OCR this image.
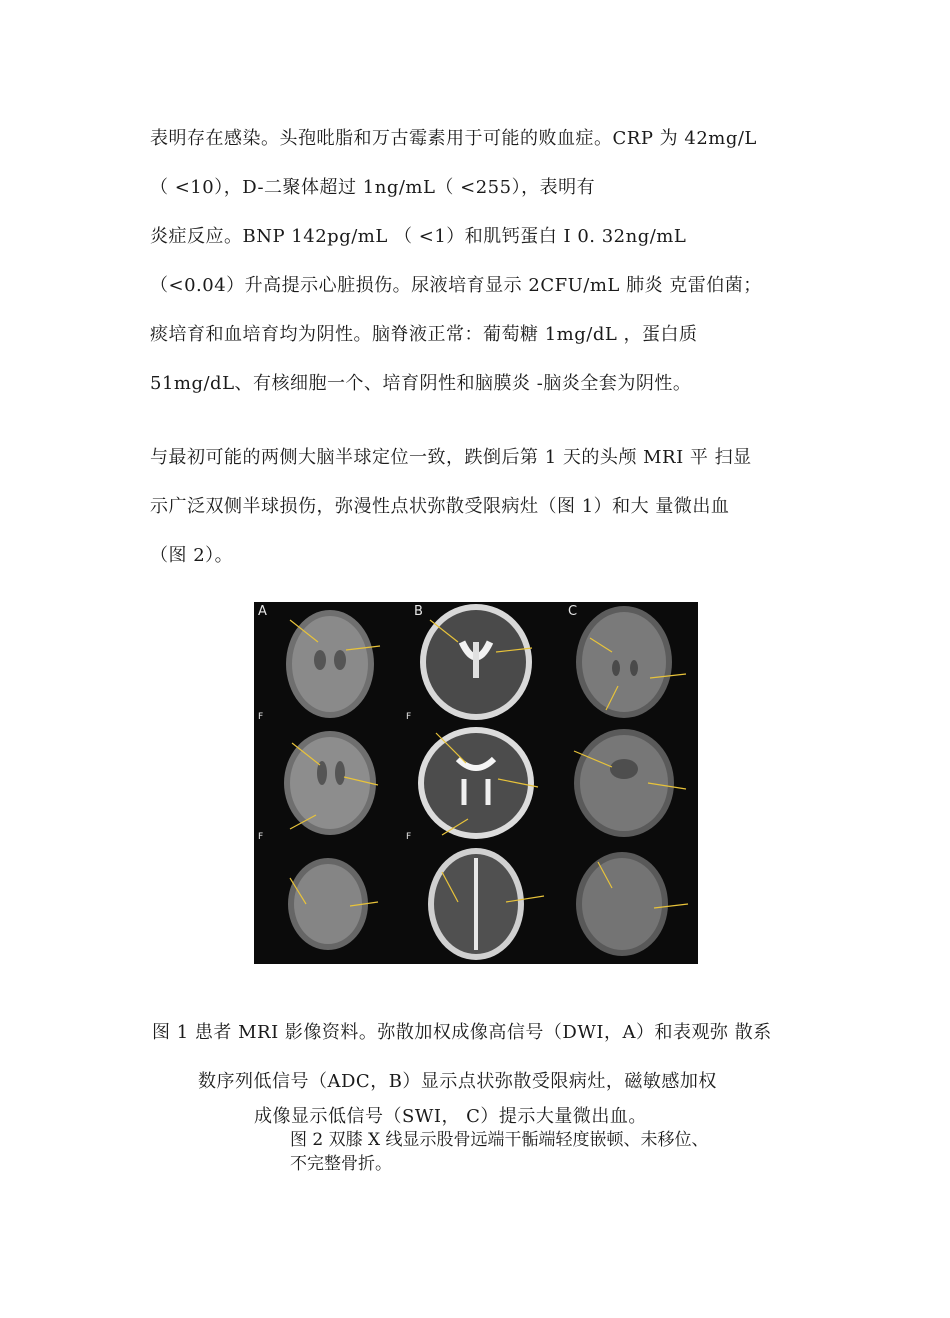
表明存在感染。头孢吡脂和万古霉素用于可能的败血症。CRP 为 42mg/L
（ <10），D-二聚体超过 1ng/mL（ <255），表明有
炎症反应。BNP 142pg/mL （ <1）和肌钙蛋白 I 0. 32ng/mL
（<0.04）升高提示心脏损伤。尿液培育显示 2CFU/mL 肺炎 克雷伯菌；
痰培育和血培育均为阴性。脑脊液正常：葡萄糖 1mg/dL ，蛋白质
51mg/dL、有核细胞一个、培育阴性和脑膜炎 -脑炎全套为阴性。
与最初可能的两侧大脑半球定位一致，跌倒后第 1 天的头颅 MRI 平 扫显
示广泛双侧半球损伤，弥漫性点状弥散受限病灶（图 1）和大 量微出血
（图 2）。
A	B	C
F
F
F
F
图 1 患者 MRI 影像资料。弥散加权成像高信号（DWI，A）和表观弥 散系
数序列低信号（ADC，B）显示点状弥散受限病灶，磁敏感加权
成像显示低信号（SWI， C）提示大量微出血。
图 2 双膝 X 线显示股骨远端干骺端轻度嵌顿、未移位、
不完整骨折。
